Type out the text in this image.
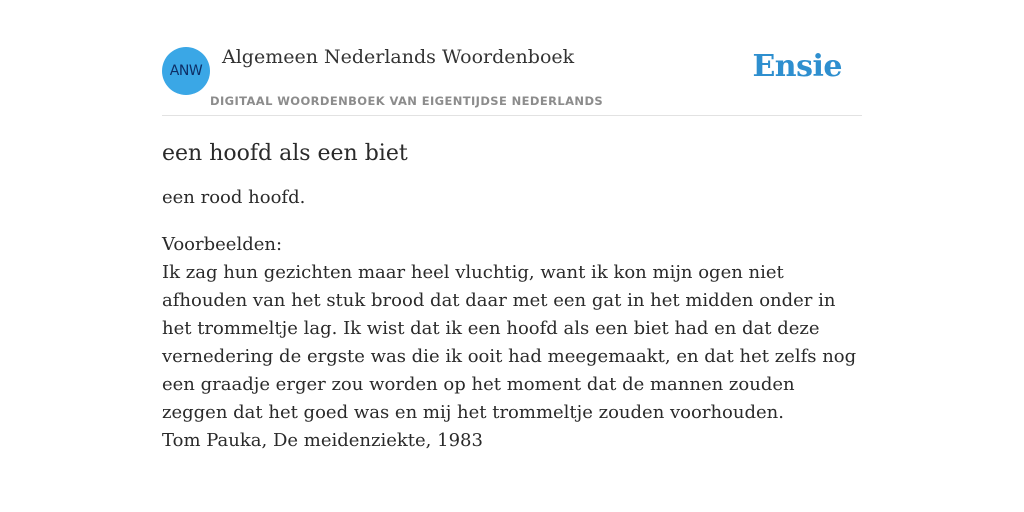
ANW
Algemeen Nederlands Woordenboek
DIGITAAL WOORDENBOEK VAN EIGENTIJDSE NEDERLANDS
Ensie
een hoofd als een biet

een rood hoofd.

Voorbeelden:
Ik zag hun gezichten maar heel vluchtig, want ik kon mijn ogen niet afhouden van het stuk brood dat daar met een gat in het midden onder in het trommeltje lag. Ik wist dat ik een hoofd als een biet had en dat deze vernedering de ergste was die ik ooit had meegemaakt, en dat het zelfs nog een graadje erger zou worden op het moment dat de mannen zouden zeggen dat het goed was en mij het trommeltje zouden voorhouden.
Tom Pauka, De meidenziekte, 1983
